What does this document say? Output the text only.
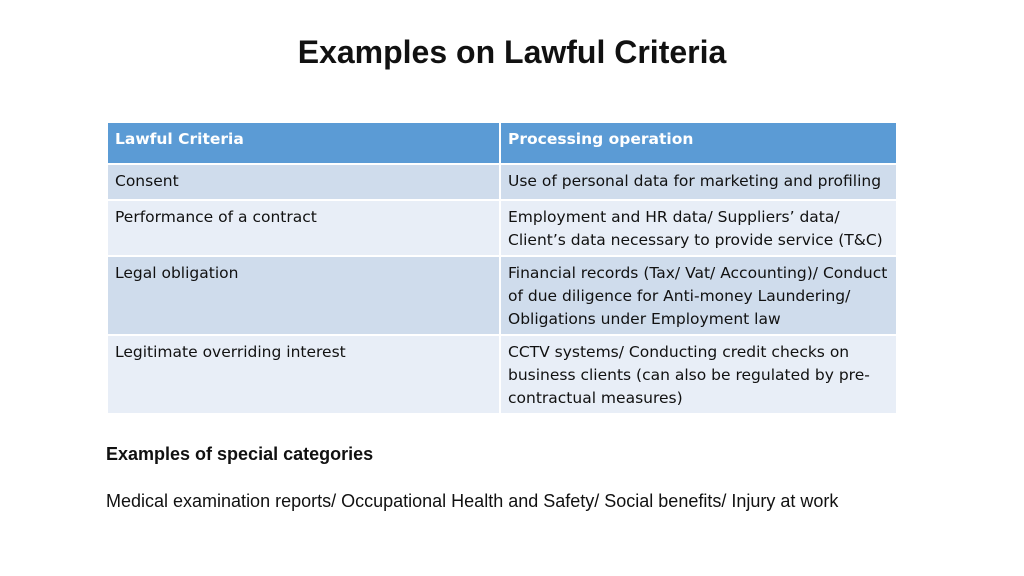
Examples on Lawful Criteria
Lawful Criteria	Processing operation
Consent	Use of personal data for marketing and profiling
Performance of a contract	Employment and HR data/ Suppliers’ data/ Client’s data necessary to provide service (T&C)
Legal obligation	Financial records (Tax/ Vat/ Accounting)/ Conduct of due diligence for Anti-money Laundering/ Obligations under Employment law
Legitimate overriding interest	CCTV systems/ Conducting credit checks on business clients (can also be regulated by pre-contractual measures)
Examples of special categories
Medical examination reports/ Occupational Health and Safety/ Social benefits/ Injury at work
